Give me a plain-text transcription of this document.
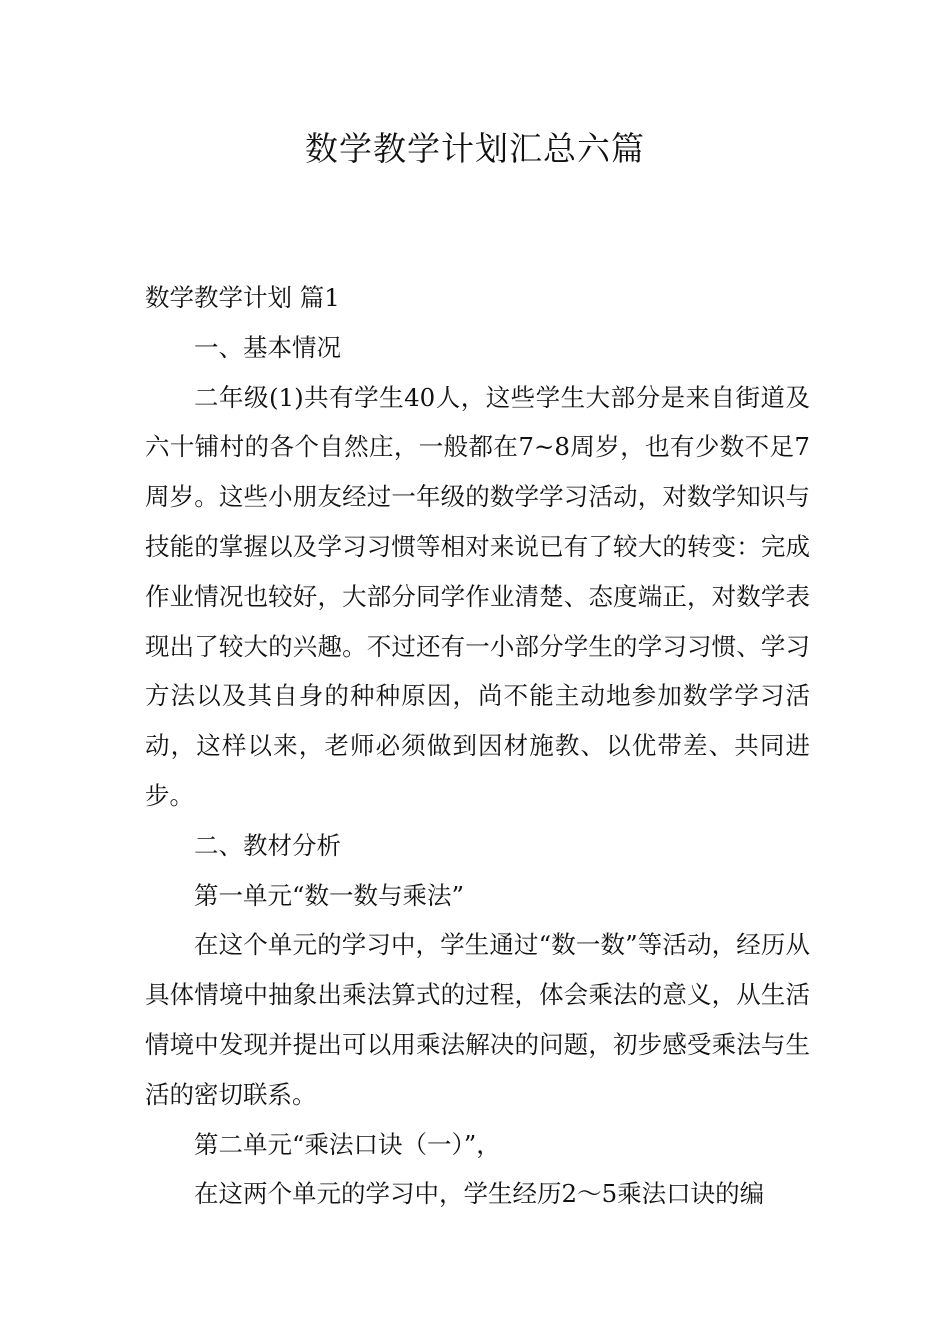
数学教学计划汇总六篇

数学教学计划 篇1

一、基本情况

二年级(1)共有学生40人，这些学生大部分是来自街道及六十铺村的各个自然庄，一般都在7~8周岁，也有少数不足7周岁。这些小朋友经过一年级的数学学习活动，对数学知识与技能的掌握以及学习习惯等相对来说已有了较大的转变：完成作业情况也较好，大部分同学作业清楚、态度端正，对数学表现出了较大的兴趣。不过还有一小部分学生的学习习惯、学习方法以及其自身的种种原因，尚不能主动地参加数学学习活动，这样以来，老师必须做到因材施教、以优带差、共同进步。

二、教材分析

第一单元“数一数与乘法”

在这个单元的学习中，学生通过“数一数”等活动，经历从具体情境中抽象出乘法算式的过程，体会乘法的意义，从生活情境中发现并提出可以用乘法解决的问题，初步感受乘法与生活的密切联系。

第二单元“乘法口诀（一）”，

在这两个单元的学习中，学生经历2～5乘法口诀的编
